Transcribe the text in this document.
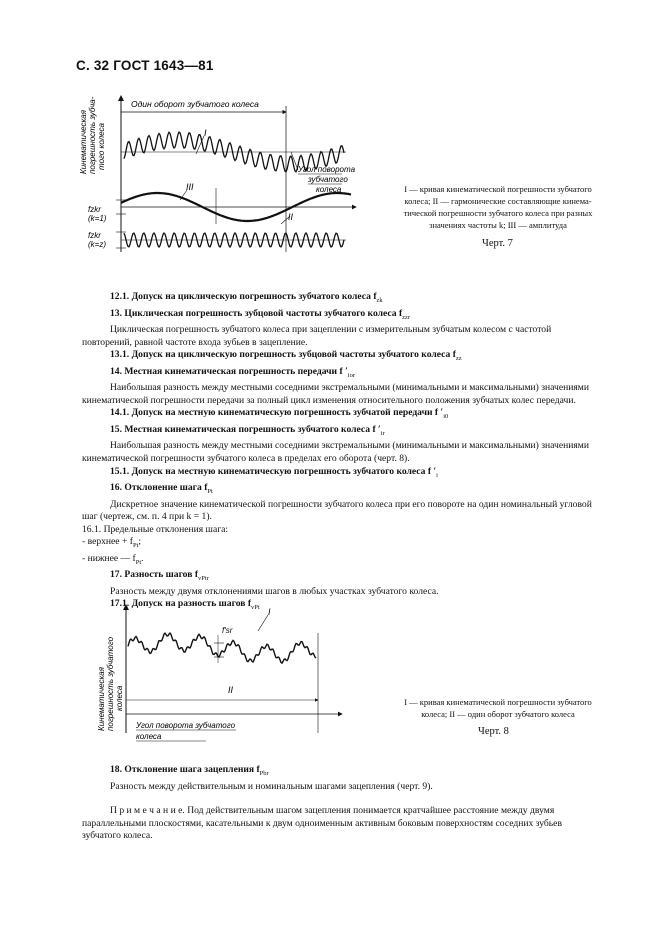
С. 32 ГОСТ 1643—81
Один оборот зубчатого колеса
I
III
II
Угол поворота
зубчатого
колеса
Кинематическая погрешность зубча- того колеса
fzkr
(k=1)
fzkr
(k=z)
I — кривая кинематической погрешности зубчатого
колеса; II — гармонические составляющие кинема-
тической погрешности зубчатого колеса при разных
значениях частоты k; III — амплитуда
Черт. 7

12.1. Допуск на циклическую погрешность зубчатого колеса $f_{zk}$

13. Циклическая погрешность зубцовой частоты зубчатого колеса $f_{zzr}$

Циклическая погрешность зубчатого колеса при зацеплении с измерительным зубчатым колесом с частотой повторений, равной частоте входа зубьев в зацепление.

13.1. Допуск на циклическую погрешность зубцовой частоты зубчатого колеса $f_{zz}$

14. Местная кинематическая погрешность передачи f $'_{ior}$

Наибольшая разность между местными соседними экстремальными (минимальными и максимальными) значениями кинематической погрешности передачи за полный цикл изменения относительного положения зубчатых колес передачи.

14.1. Допуск на местную кинематическую погрешность зубчатой передачи f $'_{i0}$

15. Местная кинематическая погрешность зубчатого колеса f $'_{ir}$

Наибольшая разность между местными соседними экстремальными (минимальными и максимальными) значениями кинематической погрешности зубчатого колеса в пределах его оборота (черт. 8).

15.1. Допуск на местную кинематическую погрешность зубчатого колеса f $'_i$

16. Отклонение шага $f_{Pt}$

Дискретное значение кинематической погрешности зубчатого колеса при его повороте на один номинальный угловой шаг (чертеж, см. п. 4 при k = 1).

16.1. Предельные отклонения шага:

- верхнее + $f_{Pt}$;

- нижнее — $f_{Pt}$.

17. Разность шагов $f_{vPtr}$

Разность между двумя отклонениями шагов в любых участках зубчатого колеса.

17.1. Допуск на разность шагов $f_{vPt}$ I
II
f′sr
Угол поворота зубчатого
колеса
Кинематическая погрешность зубчатого колеса	I — кривая кинематической погрешности зубчатого
колеса; II — один оборот зубчатого колеса
Черт. 8

18. Отклонение шага зацепления $f_{Pbr}$

Разность между действительным и номинальным шагами зацепления (черт. 9).

П р и м е ч а н и е. Под действительным шагом зацепления понимается кратчайшее расстояние между двумя параллельными плоскостями, касательными к двум одноименным активным боковым поверхностям соседних зубьев зубчатого колеса.
